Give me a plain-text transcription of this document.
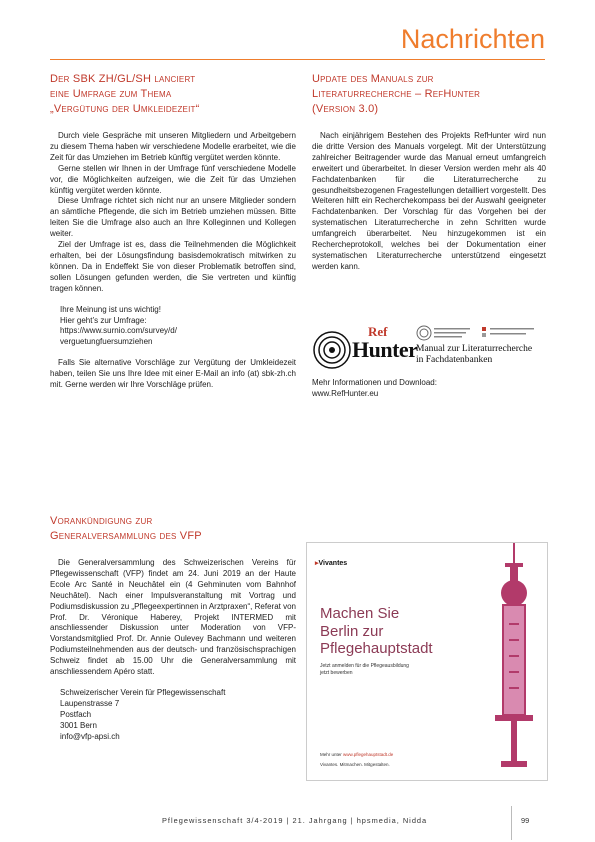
Nachrichten
Der SBK ZH/GL/SH lanciert
eine Umfrage zum Thema
„Vergütung der Umkleidezeit“

Durch viele Gespräche mit unseren Mitgliedern und Arbeitgebern zu diesem Thema haben wir verschiedene Modelle erarbeitet, wie die Zeit für das Umziehen im Betrieb künftig vergütet werden könnte.

Gerne stellen wir Ihnen in der Umfrage fünf verschiedene Modelle vor, die Möglichkeiten aufzeigen, wie die Zeit für das Umziehen künftig vergütet werden könnte.

Diese Umfrage richtet sich nicht nur an unsere Mitglieder sondern an sämtliche Pflegende, die sich im Betrieb umziehen müssen. Bitte leiten Sie die Umfrage also auch an Ihre Kolleginnen und Kollegen weiter.

Ziel der Umfrage ist es, dass die Teilnehmenden die Möglichkeit erhalten, bei der Lösungsfindung basisdemokratisch mitwirken zu können. Da in Endeffekt Sie von dieser Problematik betroffen sind, sollen Lösungen gefunden werden, die Sie vertreten und künftig tragen können.

Ihre Meinung ist uns wichtig!

Hier geht’s zur Umfrage:

https://www.surnio.com/survey/d/

verguetungfuersumziehen

Falls Sie alternative Vorschläge zur Vergütung der Umkleidezeit haben, teilen Sie uns Ihre Idee mit einer E-Mail an info (at) sbk-zh.ch mit. Gerne werden wir Ihre Vorschläge prüfen.

Update des Manuals zur
Literaturrecherche – RefHunter
(Version 3.0)

Nach einjährigem Bestehen des Projekts RefHunter wird nun die dritte Version des Manuals vorgelegt. Mit der Unterstützung zahlreicher Beitragender wurde das Manual erneut umfangreich erweitert und überarbeitet. In dieser Version werden mehr als 40 Fachdatenbanken für die Literaturrecherche zu gesundheitsbezogenen Fragestellungen detailliert vorgestellt. Des Weiteren hilft ein Recherchekompass bei der Auswahl geeigneter Fachdatenbanken. Der Vorschlag für das Vorgehen bei der systematischen Literaturrecherche in zehn Schritten wurde umfangreich überarbeitet. Neu hinzugekommen ist ein Rechercheprotokoll, welches bei der Dokumentation einer systematischen Literaturrecherche unterstützend eingesetzt werden kann.

Ref
Hunter
Manual zur Literaturrecherche
in Fachdatenbanken

Mehr Informationen und Download:

www.RefHunter.eu

Vorankündigung zur
Generalversammlung des VFP

Die Generalversammlung des Schweizerischen Vereins für Pflegewissenschaft (VFP) findet am 24. Juni 2019 an der Haute Ecole Arc Santé in Neuchâtel ein (4 Gehminuten vom Bahnhof Neuchâtel). Nach einer Impulsveranstaltung mit Vortrag und Podiumsdiskussion zu „Pflegeexpertinnen in Arztpraxen“, Referat von Prof. Dr. Véronique Haberey, Projekt INTERMED mit anschliessender Diskussion unter Moderation von VFP-Vorstandsmitglied Prof. Dr. Annie Oulevey Bachmann und weiteren Podiumsteilnehmenden aus der deutsch- und französischsprachigen Schweiz findet ab 15.00 Uhr die Generalversammlung mit anschliessendem Apéro statt.

Schweizerischer Verein für Pflegewissenschaft

Laupenstrasse 7

Postfach

3001 Bern

info@vfp-apsi.ch

▸Vivantes
Machen Sie
Berlin zur
Pflegehauptstadt
Jetzt anmelden für die Pflegeausbildung
jetzt bewerben
Mehr unter www.pflegehauptstadt.de
Vivantes. Mitmachen. Mitgestalten.
Pflegewissenschaft 3/4-2019 | 21. Jahrgang | hpsmedia, Nidda	99
